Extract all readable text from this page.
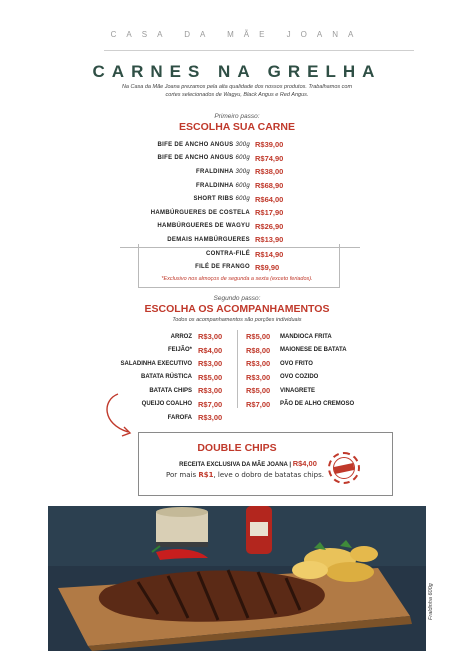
CASA DA MÃE JOANA
CARNES NA GRELHA
Na Casa da Mãe Joana prezamos pela alta qualidade dos nossos produtos. Trabalhamos com cortes selecionados de Wagyu, Black Angus e Red Angus.
Primeiro passo:
ESCOLHA SUA CARNE
BIFE DE ANCHO ANGUS 300g R$39,00
BIFE DE ANCHO ANGUS 600g R$74,90
FRALDINHA 300g R$38,00
FRALDINHA 600g R$68,90
SHORT RIBS 600g R$64,00
HAMBÚRGUERES DE COSTELA R$17,90
HAMBÚRGUERES DE WAGYU R$26,90
DEMAIS HAMBÚRGUERES R$13,90
CONTRA-FILÉ R$14,90
FILÉ DE FRANGO R$9,90
*Exclusivo nos almoços de segunda a sexta (exceto feriados).
Segundo passo:
ESCOLHA OS ACOMPANHAMENTOS
Todos os acompanhamentos são porções individuais
ARROZ R$3,00
FEIJÃO* R$4,00
SALADINHA EXECUTIVO R$3,00
BATATA RÚSTICA R$5,00
BATATA CHIPS R$3,00
QUEIJO COALHO R$7,00
FAROFA R$3,00
R$5,00	MANDIOCA FRITA
R$8,00	MAIONESE DE BATATA
R$3,00	OVO FRITO
R$3,00	OVO COZIDO
R$5,00	VINAGRETE
R$7,00	PÃO DE ALHO CREMOSO
DOUBLE CHIPS
RECEITA EXCLUSIVA DA MÃE JOANA | R$4,00
Por mais R$1, leve o dobro de batatas chips.
Fraldinha 600g
